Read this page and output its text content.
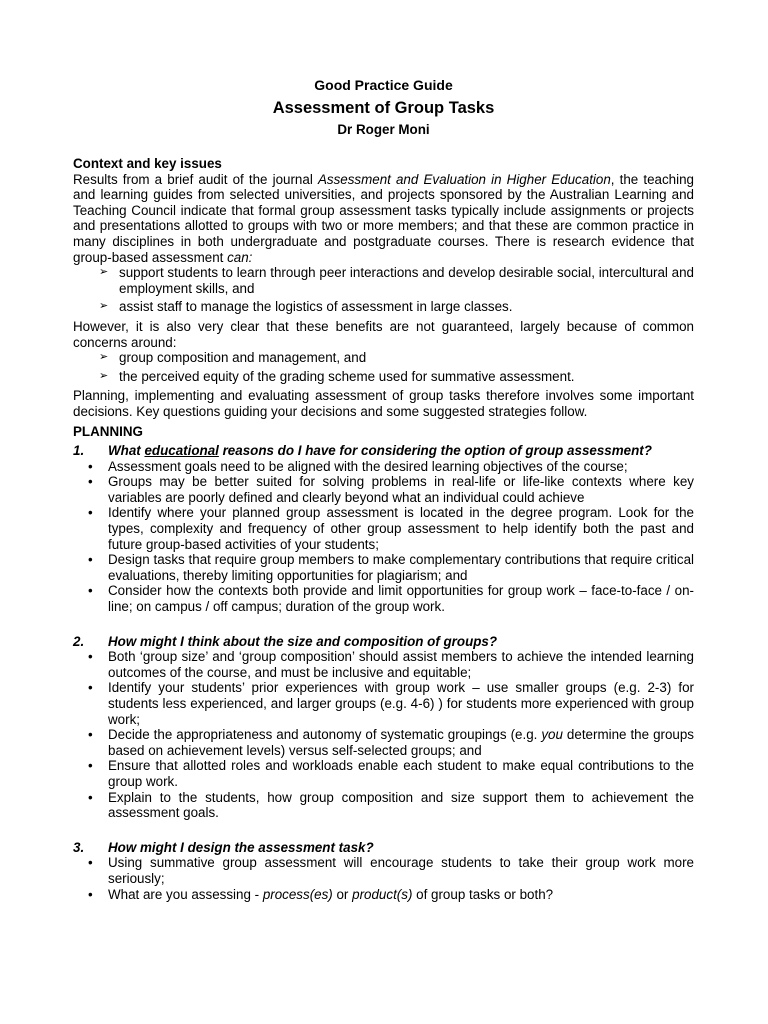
Good Practice Guide
Assessment of Group Tasks
Dr Roger Moni
Context and key issues
Results from a brief audit of the journal Assessment and Evaluation in Higher Education, the teaching and learning guides from selected universities, and projects sponsored by the Australian Learning and Teaching Council indicate that formal group assessment tasks typically include assignments or projects and presentations allotted to groups with two or more members; and that these are common practice in many disciplines in both undergraduate and postgraduate courses. There is research evidence that group-based assessment can:
➢ support students to learn through peer interactions and develop desirable social, intercultural and employment skills, and
➢ assist staff to manage the logistics of assessment in large classes.
However, it is also very clear that these benefits are not guaranteed, largely because of common concerns around:
➢ group composition and management, and
➢ the perceived equity of the grading scheme used for summative assessment.
Planning, implementing and evaluating assessment of group tasks therefore involves some important decisions. Key questions guiding your decisions and some suggested strategies follow.
PLANNING
1. What educational reasons do I have for considering the option of group assessment?
• Assessment goals need to be aligned with the desired learning objectives of the course;
• Groups may be better suited for solving problems in real-life or life-like contexts where key variables are poorly defined and clearly beyond what an individual could achieve
• Identify where your planned group assessment is located in the degree program. Look for the types, complexity and frequency of other group assessment to help identify both the past and future group-based activities of your students;
• Design tasks that require group members to make complementary contributions that require critical evaluations, thereby limiting opportunities for plagiarism; and
• Consider how the contexts both provide and limit opportunities for group work – face-to-face / on-line; on campus / off campus; duration of the group work.
2. How might I think about the size and composition of groups?
• Both ‘group size’ and ‘group composition’ should assist members to achieve the intended learning outcomes of the course, and must be inclusive and equitable;
• Identify your students’ prior experiences with group work – use smaller groups (e.g. 2-3) for students less experienced, and larger groups (e.g. 4-6) ) for students more experienced with group work;
• Decide the appropriateness and autonomy of systematic groupings (e.g. you determine the groups based on achievement levels) versus self-selected groups; and
• Ensure that allotted roles and workloads enable each student to make equal contributions to the group work.
• Explain to the students, how group composition and size support them to achievement the assessment goals.
3. How might I design the assessment task?
• Using summative group assessment will encourage students to take their group work more seriously;
• What are you assessing - process(es) or product(s) of group tasks or both?
